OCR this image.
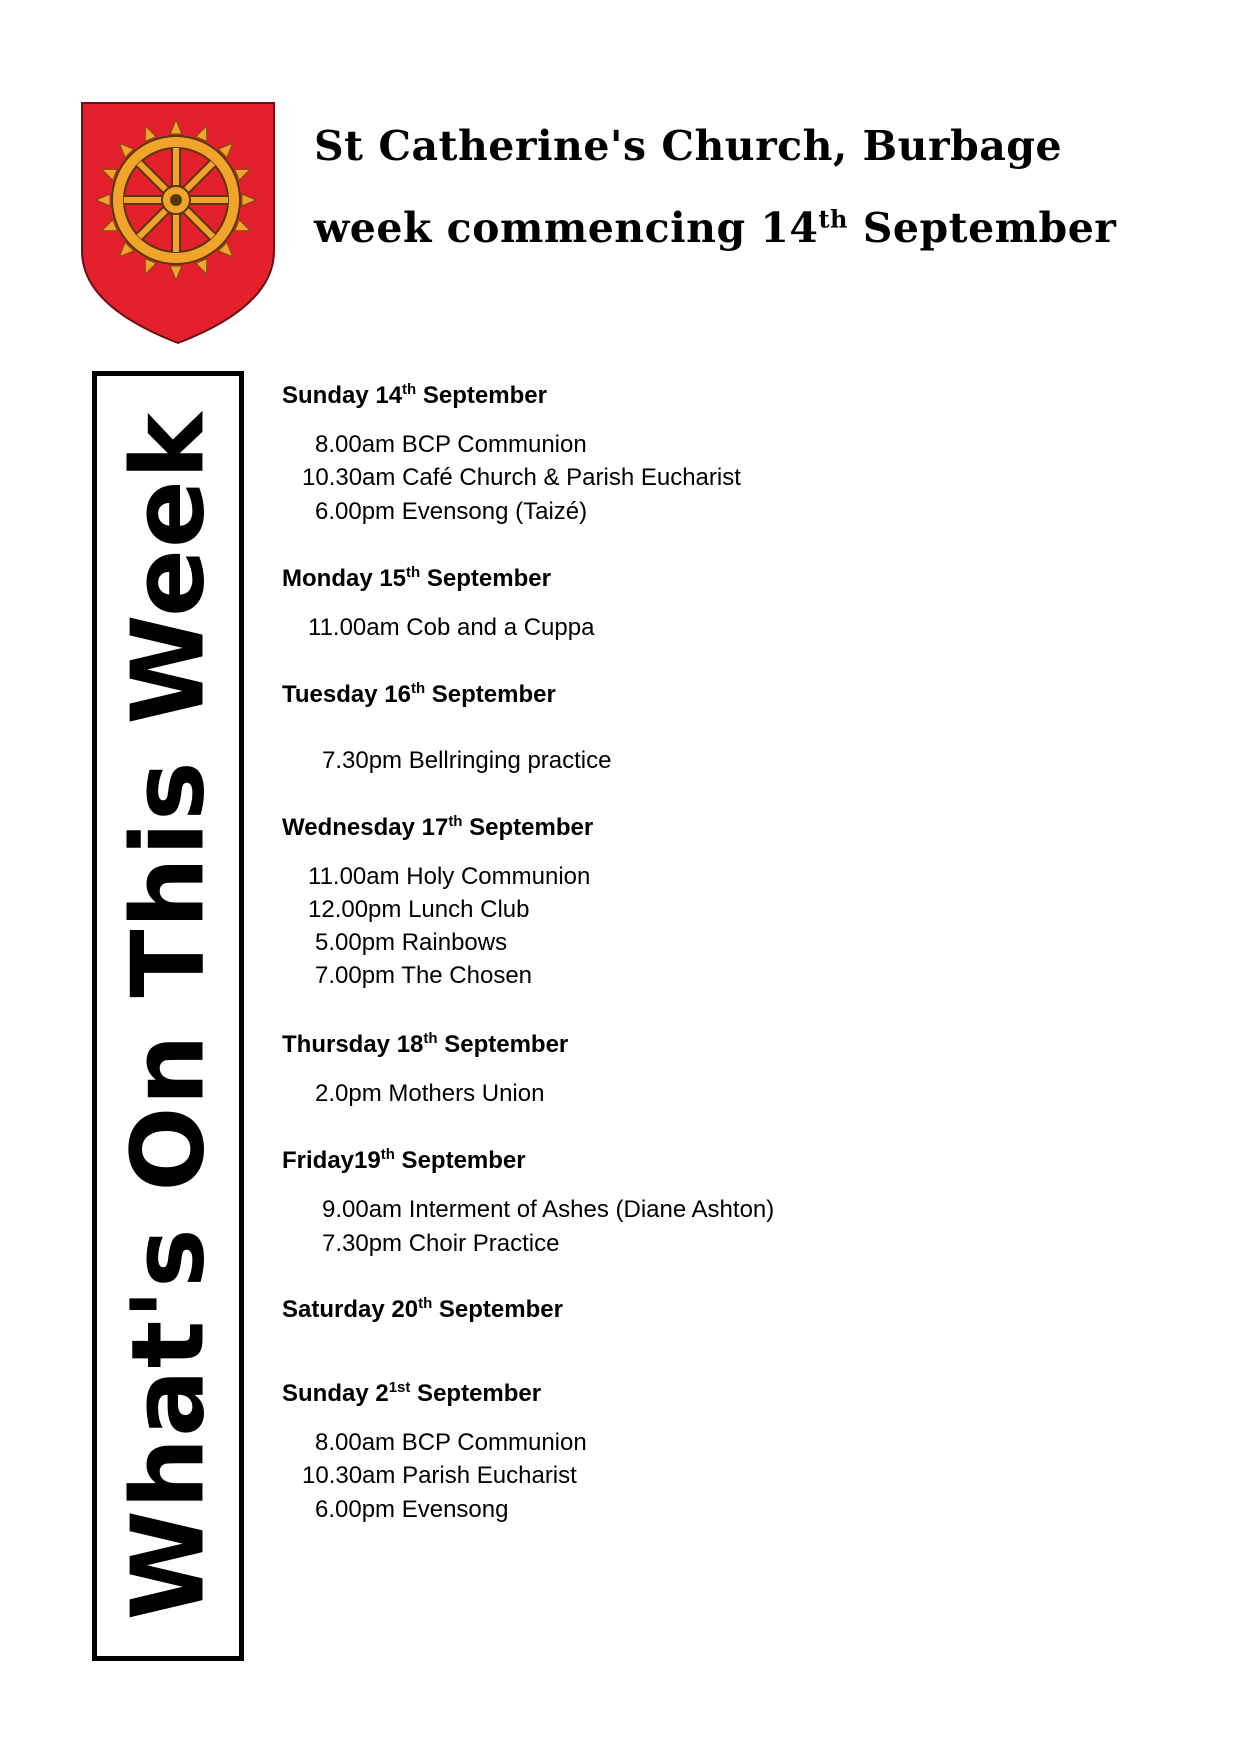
St Catherine's Church, Burbage
week commencing 14th September
What's On This Week
Sunday 14th September
8.00am BCP Communion
10.30am Café Church & Parish Eucharist
6.00pm Evensong (Taizé)
Monday 15th September
11.00am Cob and a Cuppa
Tuesday 16th September
7.30pm Bellringing practice
Wednesday 17th September
11.00am Holy Communion
12.00pm Lunch Club
5.00pm Rainbows
7.00pm The Chosen
Thursday 18th September
2.0pm Mothers Union
Friday19th September
9.00am Interment of Ashes (Diane Ashton)
7.30pm Choir Practice
Saturday 20th September
Sunday $2^{1st}$ September
8.00am BCP Communion
10.30am Parish Eucharist
6.00pm Evensong
